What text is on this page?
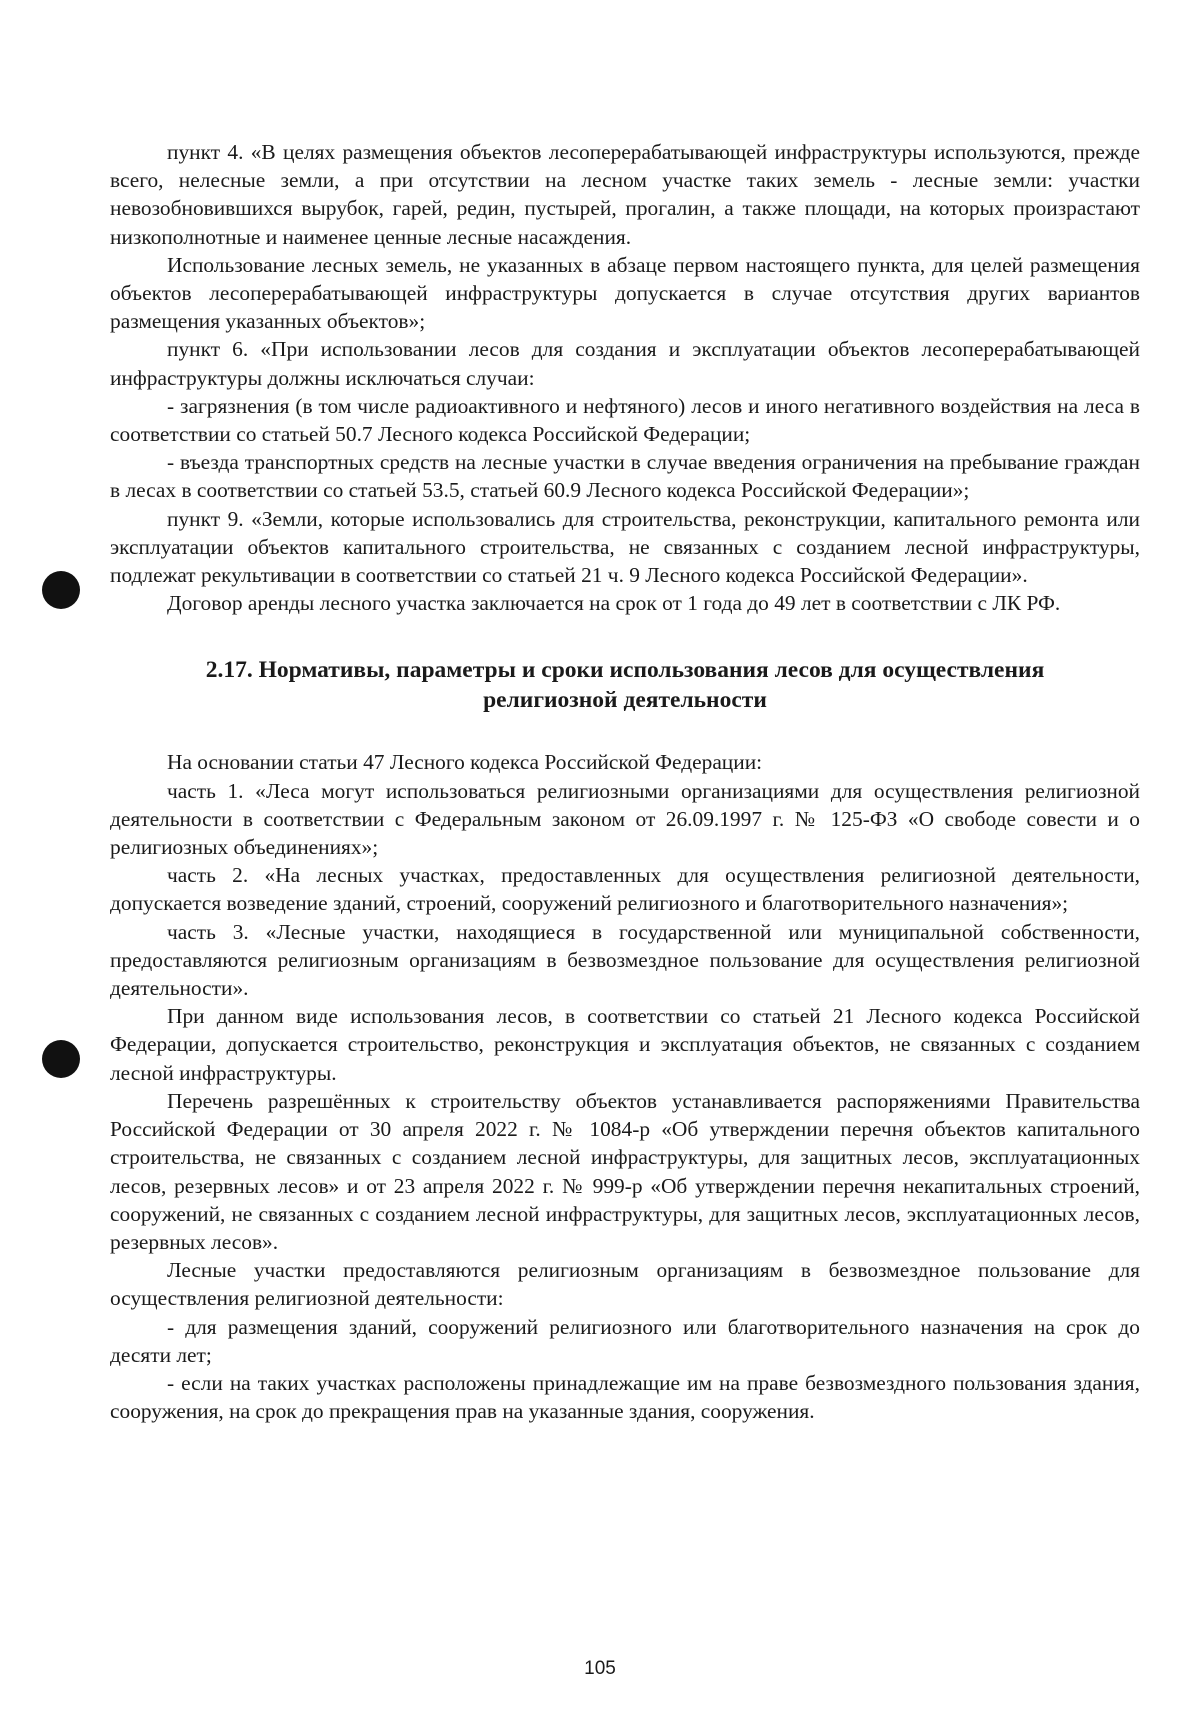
пункт 4. «В целях размещения объектов лесоперерабатывающей инфраструктуры используются, прежде всего, нелесные земли, а при отсутствии на лесном участке таких земель - лесные земли: участки невозобновившихся вырубок, гарей, редин, пустырей, прогалин, а также площади, на которых произрастают низкополнотные и наименее ценные лесные насаждения.

Использование лесных земель, не указанных в абзаце первом настоящего пункта, для целей размещения объектов лесоперерабатывающей инфраструктуры допускается в случае отсутствия других вариантов размещения указанных объектов»;

пункт 6. «При использовании лесов для создания и эксплуатации объектов лесоперерабатывающей инфраструктуры должны исключаться случаи:

- загрязнения (в том числе радиоактивного и нефтяного) лесов и иного негативного воздействия на леса в соответствии со статьей 50.7 Лесного кодекса Российской Федерации;

- въезда транспортных средств на лесные участки в случае введения ограничения на пребывание граждан в лесах в соответствии со статьей 53.5, статьей 60.9 Лесного кодекса Российской Федерации»;

пункт 9. «Земли, которые использовались для строительства, реконструкции, капитального ремонта или эксплуатации объектов капитального строительства, не связанных с созданием лесной инфраструктуры, подлежат рекультивации в соответствии со статьей 21 ч. 9 Лесного кодекса Российской Федерации».

Договор аренды лесного участка заключается на срок от 1 года до 49 лет в соответствии с ЛК РФ.

2.17. Нормативы, параметры и сроки использования лесов для осуществления религиозной деятельности

На основании статьи 47 Лесного кодекса Российской Федерации:

часть 1. «Леса могут использоваться религиозными организациями для осуществления религиозной деятельности в соответствии с Федеральным законом от 26.09.1997 г. № 125-ФЗ «О свободе совести и о религиозных объединениях»;

часть 2. «На лесных участках, предоставленных для осуществления религиозной деятельности, допускается возведение зданий, строений, сооружений религиозного и благотворительного назначения»;

часть 3. «Лесные участки, находящиеся в государственной или муниципальной собственности, предоставляются религиозным организациям в безвозмездное пользование для осуществления религиозной деятельности».

При данном виде использования лесов, в соответствии со статьей 21 Лесного кодекса Российской Федерации, допускается строительство, реконструкция и эксплуатация объектов, не связанных с созданием лесной инфраструктуры.

Перечень разрешённых к строительству объектов устанавливается распоряжениями Правительства Российской Федерации от 30 апреля 2022 г. № 1084-р «Об утверждении перечня объектов капитального строительства, не связанных с созданием лесной инфраструктуры, для защитных лесов, эксплуатационных лесов, резервных лесов» и от 23 апреля 2022 г. № 999-р «Об утверждении перечня некапитальных строений, сооружений, не связанных с созданием лесной инфраструктуры, для защитных лесов, эксплуатационных лесов, резервных лесов».

Лесные участки предоставляются религиозным организациям в безвозмездное пользование для осуществления религиозной деятельности:

- для размещения зданий, сооружений религиозного или благотворительного назначения на срок до десяти лет;

- если на таких участках расположены принадлежащие им на праве безвозмездного пользования здания, сооружения, на срок до прекращения прав на указанные здания, сооружения.

105
